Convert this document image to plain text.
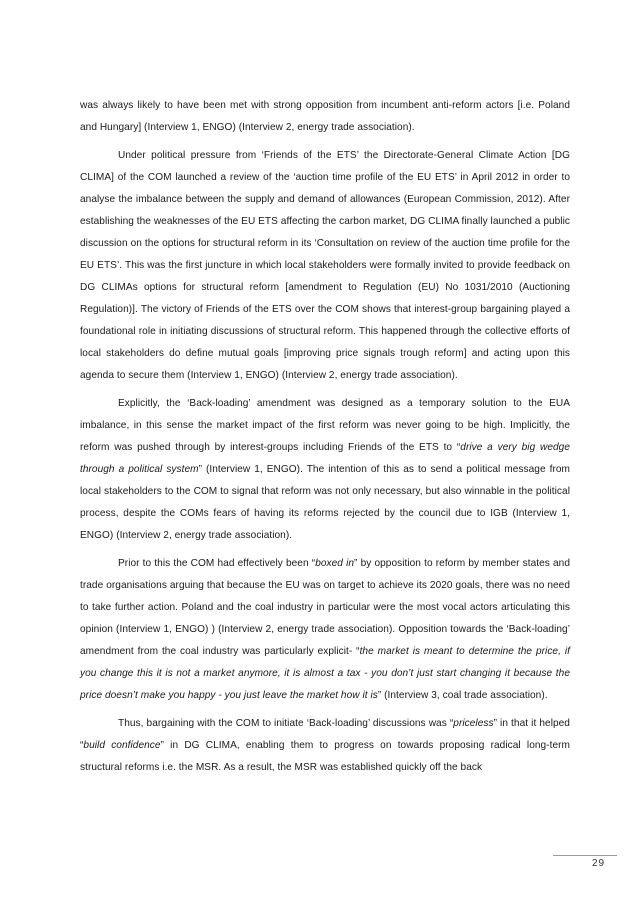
was always likely to have been met with strong opposition from incumbent anti-reform actors [i.e. Poland and Hungary] (Interview 1, ENGO) (Interview 2, energy trade association).

Under political pressure from ‘Friends of the ETS’ the Directorate-General Climate Action [DG CLIMA] of the COM launched a review of the ‘auction time profile of the EU ETS’ in April 2012 in order to analyse the imbalance between the supply and demand of allowances (European Commission, 2012). After establishing the weaknesses of the EU ETS affecting the carbon market, DG CLIMA finally launched a public discussion on the options for structural reform in its ‘Consultation on review of the auction time profile for the EU ETS’. This was the first juncture in which local stakeholders were formally invited to provide feedback on DG CLIMAs options for structural reform [amendment to Regulation (EU) No 1031/2010 (Auctioning Regulation)]. The victory of Friends of the ETS over the COM shows that interest-group bargaining played a foundational role in initiating discussions of structural reform. This happened through the collective efforts of local stakeholders do define mutual goals [improving price signals trough reform] and acting upon this agenda to secure them (Interview 1, ENGO) (Interview 2, energy trade association).

Explicitly, the ‘Back-loading’ amendment was designed as a temporary solution to the EUA imbalance, in this sense the market impact of the first reform was never going to be high. Implicitly, the reform was pushed through by interest-groups including Friends of the ETS to “drive a very big wedge through a political system” (Interview 1, ENGO). The intention of this as to send a political message from local stakeholders to the COM to signal that reform was not only necessary, but also winnable in the political process, despite the COMs fears of having its reforms rejected by the council due to IGB (Interview 1, ENGO) (Interview 2, energy trade association).

Prior to this the COM had effectively been “boxed in” by opposition to reform by member states and trade organisations arguing that because the EU was on target to achieve its 2020 goals, there was no need to take further action. Poland and the coal industry in particular were the most vocal actors articulating this opinion (Interview 1, ENGO) ) (Interview 2, energy trade association). Opposition towards the ‘Back-loading’ amendment from the coal industry was particularly explicit- “the market is meant to determine the price, if you change this it is not a market anymore, it is almost a tax - you don’t just start changing it because the price doesn’t make you happy - you just leave the market how it is” (Interview 3, coal trade association).

Thus, bargaining with the COM to initiate ‘Back-loading’ discussions was “priceless” in that it helped “build confidence” in DG CLIMA, enabling them to progress on towards proposing radical long-term structural reforms i.e. the MSR. As a result, the MSR was established quickly off the back

29
